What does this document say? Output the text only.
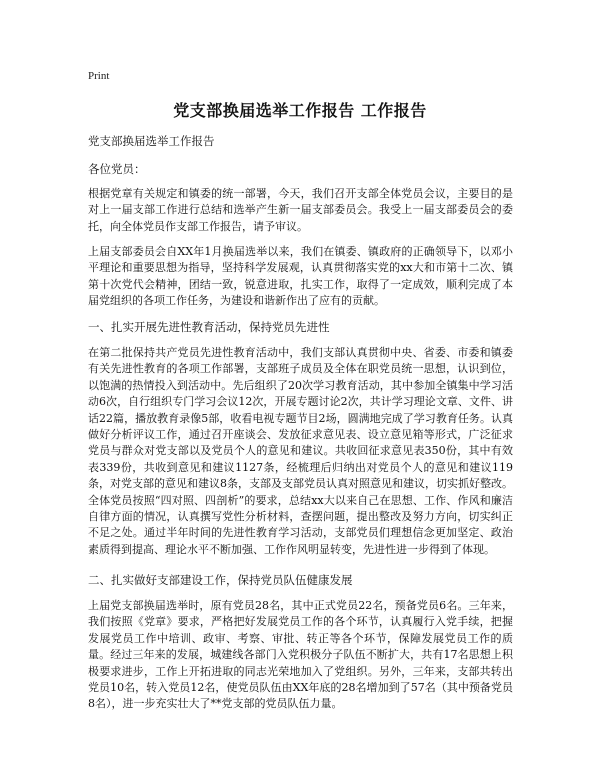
Print
党支部换届选举工作报告 工作报告
党支部换届选举工作报告
各位党员：

根据党章有关规定和镇委的统一部署，今天，我们召开支部全体党员会议，主要目的是对上一届支部工作进行总结和选举产生新一届支部委员会。我受上一届支部委员会的委托，向全体党员作支部工作报告，请予审议。

上届支部委员会自XX年1月换届选举以来，我们在镇委、镇政府的正确领导下，以邓小平理论和重要思想为指导，坚持科学发展观，认真贯彻落实党的xx大和市第十二次、镇第十次党代会精神，团结一致，锐意进取，扎实工作，取得了一定成效，顺利完成了本届党组织的各项工作任务，为建设和谐新作出了应有的贡献。

一、扎实开展先进性教育活动，保持党员先进性

在第二批保持共产党员先进性教育活动中，我们支部认真贯彻中央、省委、市委和镇委有关先进性教育的各项工作部署，支部班子成员及全体在职党员统一思想，认识到位，以饱满的热情投入到活动中。先后组织了20次学习教育活动，其中参加全镇集中学习活动6次，自行组织专门学习会议12次，开展专题讨论2次，共计学习理论文章、文件、讲话22篇，播放教育录像5部，收看电视专题节目2场，圆满地完成了学习教育任务。认真做好分析评议工作，通过召开座谈会、发放征求意见表、设立意见箱等形式，广泛征求党员与群众对党支部以及党员个人的意见和建议。共收回征求意见表350份，其中有效表339份，共收到意见和建议1127条，经梳理后归纳出对党员个人的意见和建议119条，对党支部的意见和建议8条，支部及支部党员认真对照意见和建议，切实抓好整改。全体党员按照“四对照、四剖析”的要求，总结xx大以来自己在思想、工作、作风和廉洁自律方面的情况，认真撰写党性分析材料，查摆问题，提出整改及努力方向，切实纠正不足之处。通过半年时间的先进性教育学习活动，支部党员们理想信念更加坚定、政治素质得到提高、理论水平不断加强、工作作风明显转变，先进性进一步得到了体现。

二、扎实做好支部建设工作，保持党员队伍健康发展

上届党支部换届选举时，原有党员28名，其中正式党员22名，预备党员6名。三年来，我们按照《党章》要求，严格把好发展党员工作的各个环节，认真履行入党手续，把握发展党员工作中培训、政审、考察、审批、转正等各个环节，保障发展党员工作的质量。经过三年来的发展，城建线各部门入党积极分子队伍不断扩大，共有17名思想上积极要求进步，工作上开拓进取的同志光荣地加入了党组织。另外，三年来，支部共转出党员10名，转入党员12名，使党员队伍由XX年底的28名增加到了57名（其中预备党员8名），进一步充实壮大了**党支部的党员队伍力量。
